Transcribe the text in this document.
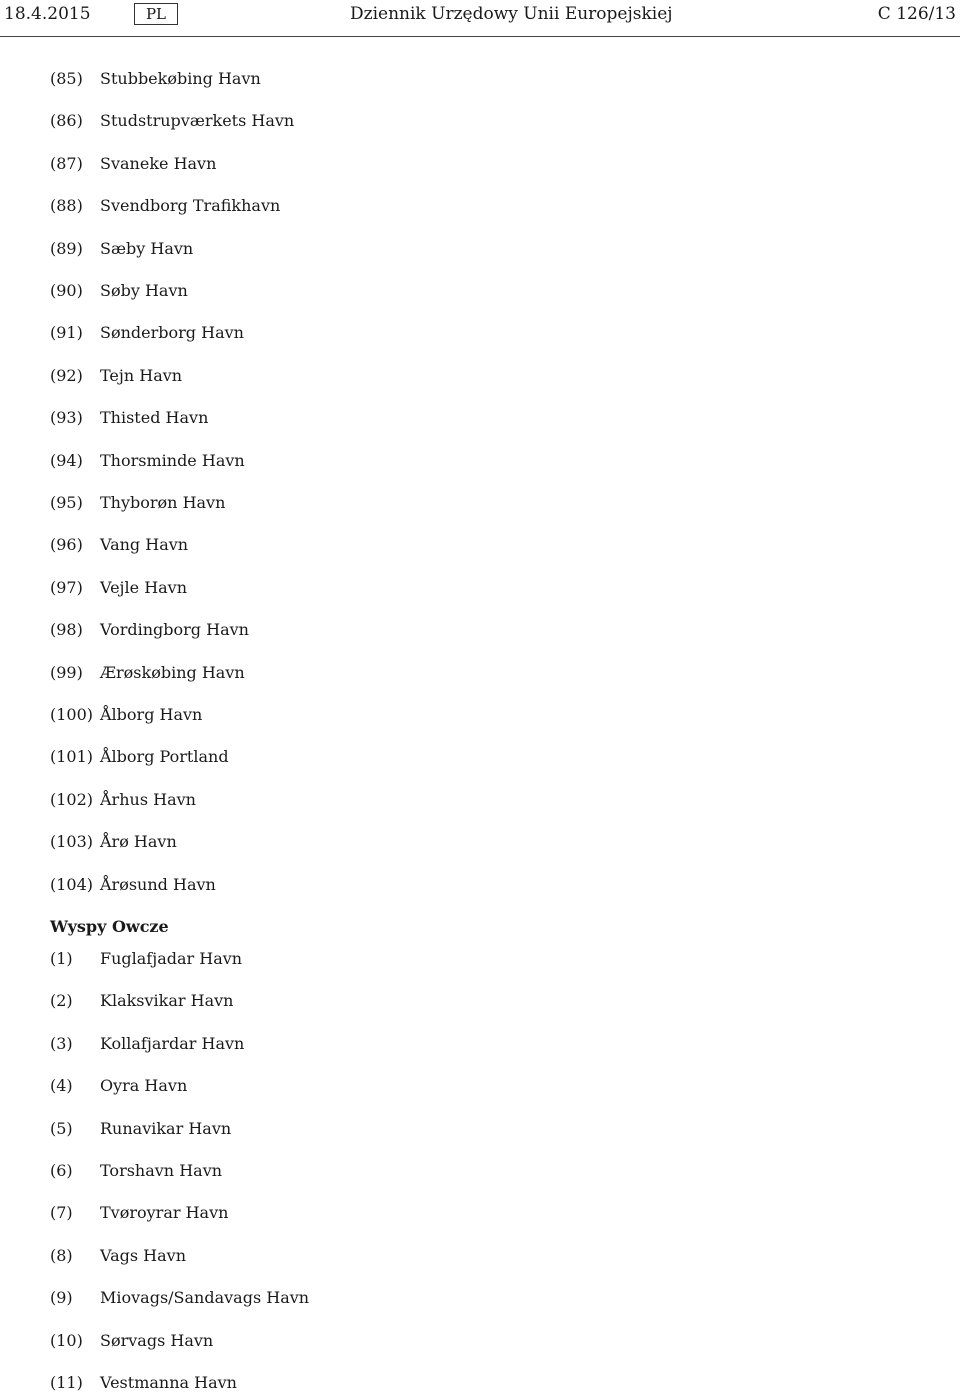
18.4.2015	PL	Dziennik Urzędowy Unii Europejskiej	C 126/13
Wyspy Owcze
(85) Stubbekøbing Havn
(86) Studstrupværkets Havn
(87) Svaneke Havn
(88) Svendborg Trafikhavn
(89) Sæby Havn
(90) Søby Havn
(91) Sønderborg Havn
(92) Tejn Havn
(93) Thisted Havn
(94) Thorsminde Havn
(95) Thyborøn Havn
(96) Vang Havn
(97) Vejle Havn
(98) Vordingborg Havn
(99) Ærøskøbing Havn
(100) Ålborg Havn
(101) Ålborg Portland
(102) Århus Havn
(103) Årø Havn
(104) Årøsund Havn
(1) Fuglafjadar Havn
(2) Klaksvikar Havn
(3) Kollafjardar Havn
(4) Oyra Havn
(5) Runavikar Havn
(6) Torshavn Havn
(7) Tvøroyrar Havn
(8) Vags Havn
(9) Miovags/Sandavags Havn
(10) Sørvags Havn
(11) Vestmanna Havn
